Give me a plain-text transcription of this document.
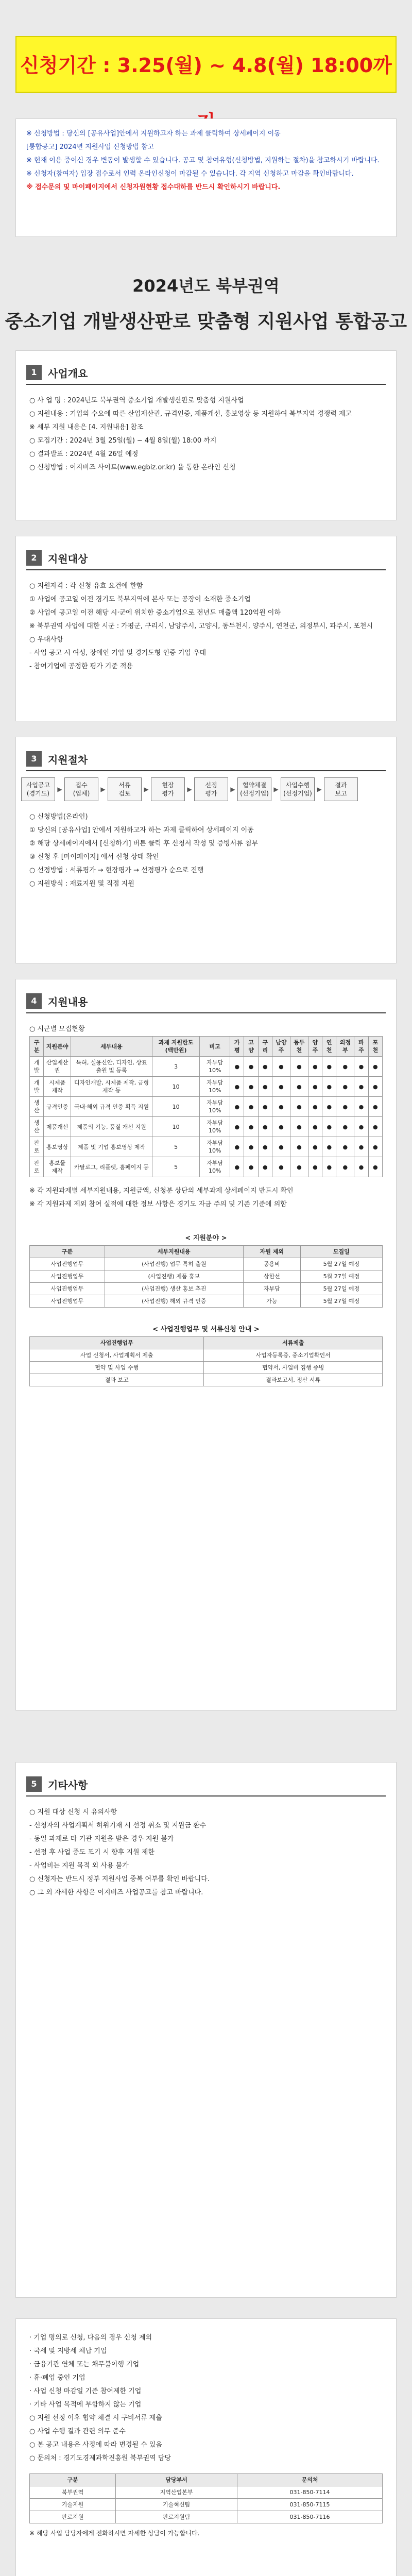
신청기간 : 3.25(월) ~ 4.8(월) 18:00까

※ 신청방법 : 당신의 [공유사업]안에서 지원하고자 하는 과제 클릭하여 상세페이지 이동

[통합공고] 2024년 지원사업 신청방법 참고

※ 현재 이용 중이신 경우 변동이 발생할 수 있습니다. 공고 및 참여유형(신청방법, 지원하는 절차)을 참고하시기 바랍니다.

※ 신청자(참여자) 입장 접수로서 인력 온라인신청이 마감될 수 있습니다. 각 지역 신청하고 마감을 확인바랍니다.

※ 접수문의 및 마이페이지에서 신청자원현황 접수대하를 반드시 확인하시기 바랍니다.

2024년도 북부권역
중소기업 개발생산판로 맞춤형 지원사업 통합공고
1	사업개요

○ 사 업 명 : 2024년도 북부권역 중소기업 개발생산판로 맞춤형 지원사업

○ 지원내용 : 기업의 수요에 따른 산업재산권, 규격인증, 제품개선, 홍보영상 등 지원하여 북부지역 경쟁력 제고

※ 세부 지원 내용은 [4. 지원내용] 참조

○ 모집기간 : 2024년 3월 25일(월) ~ 4월 8일(월) 18:00 까지

○ 결과발표 : 2024년 4월 26일 예정

○ 신청방법 : 이지비즈 사이트(www.egbiz.or.kr) 을 통한 온라인 신청

2	지원대상

○ 지원자격 : 각 신청 유효 요건에 한함

① 사업에 공고일 이전 경기도 북부지역에 본사 또는 공장이 소재한 중소기업

② 사업에 공고일 이전 해당 시·군에 위치한 중소기업으로 전년도 매출액 120억원 이하

※ 북부권역 사업에 대한 시군 : 가평군, 구리시, 남양주시, 고양시, 동두천시, 양주시, 연천군, 의정부시, 파주시, 포천시

○ 우대사항

- 사업 공고 시 여성, 장애인 기업 및 경기도형 인증 기업 우대

- 참여기업에 공정한 평가 기준 적용

3	지원절차
사업공고
(경기도)
▶
접수
(업체)
▶
서류
검토
▶
현장
평가
▶
선정
평가
▶
협약체결
(선정기업)
▶
사업수행
(선정기업)
▶
결과
보고

○ 신청방법(온라인)

① 당신의 [공유사업] 안에서 지원하고자 하는 과제 클릭하여 상세페이지 이동

② 해당 상세페이지에서 [신청하기] 버튼 클릭 후 신청서 작성 및 증빙서류 첨부

③ 신청 후 [마이페이지] 에서 신청 상태 확인

○ 선정방법 : 서류평가 → 현장평가 → 선정평가 순으로 진행

○ 지원방식 : 재료지원 및 직접 지원

4	지원내용
○ 시군별 모집현황
구분	지원분야	세부내용	과제 지원한도(백만원)	비고	가평	고양	구리	남양주	동두천	양주	연천	의정부	파주	포천
개발	산업재산권	특허, 실용신안, 디자인, 상표 출원 및 등록	3	자부담 10%	●	●	●	●	●	●	●	●	●	●
개발	시제품 제작	디자인개발, 시제품 제작, 금형제작 등	10	자부담 10%	●	●	●	●	●	●	●	●	●	●
생산	규격인증	국내·해외 규격 인증 획득 지원	10	자부담 10%	●	●	●	●	●	●	●	●	●	●
생산	제품개선	제품의 기능, 품질 개선 지원	10	자부담 10%	●	●	●	●	●	●	●	●	●	●
판로	홍보영상	제품 및 기업 홍보영상 제작	5	자부담 10%	●	●	●	●	●	●	●	●	●	●
판로	홍보물 제작	카탈로그, 리플렛, 홈페이지 등	5	자부담 10%	●	●	●	●	●	●	●	●	●	●

※ 각 지원과제별 세부지원내용, 지원금액, 신청분 상단의 세부과제 상세페이지 반드시 확인

※ 각 지원과제 제외 참여 실적에 대한 정보 사항은 경기도 자금 주의 및 기존 기준에 의함

< 지원분야 >
구분	세부지원내용	자원 제외	모집일
사업진행업무	(사업진행) 업무 특허 출원	공용비	5월 27일 예정
사업진행업무	(사업진행) 제품 홍보	상한선	5월 27일 예정
사업진행업무	(사업진행) 생산 홍보 추진	자부담	5월 27일 예정
사업진행업무	(사업진행) 해외 규격 인증	가능	5월 27일 예정
< 사업진행업무 및 서류신청 안내 >
사업진행업무	서류제출
사업 신청서, 사업계획서 제출	사업자등록증, 중소기업확인서
협약 및 사업 수행	협약서, 사업비 집행 증빙
결과 보고	결과보고서, 정산 서류
5	기타사항

○ 지원 대상 신청 시 유의사항

- 신청자의 사업계획서 허위기재 시 선정 취소 및 지원금 환수

- 동일 과제로 타 기관 지원을 받은 경우 지원 불가

- 선정 후 사업 중도 포기 시 향후 지원 제한

- 사업비는 지원 목적 외 사용 불가

○ 신청자는 반드시 정부 지원사업 중복 여부를 확인 바랍니다.

○ 그 외 자세한 사항은 이지비즈 사업공고를 참고 바랍니다.

· 기업 명의로 신청, 다음의 경우 신청 제외

· 국세 및 지방세 체납 기업

· 금융기관 연체 또는 채무불이행 기업

· 휴·폐업 중인 기업

· 사업 신청 마감일 기준 참여제한 기업

· 기타 사업 목적에 부합하지 않는 기업

○ 지원 선정 이후 협약 체결 시 구비서류 제출

○ 사업 수행 결과 관련 의무 준수

○ 본 공고 내용은 사정에 따라 변경될 수 있음

○ 문의처 : 경기도경제과학진흥원 북부권역 담당

구분	담당부서	문의처
북부권역	지역산업본부	031-850-7114
기술지원	기술혁신팀	031-850-7115
판로지원	판로지원팀	031-850-7116
※ 해당 사업 담당자에게 전화하시면 자세한 상담이 가능합니다.
